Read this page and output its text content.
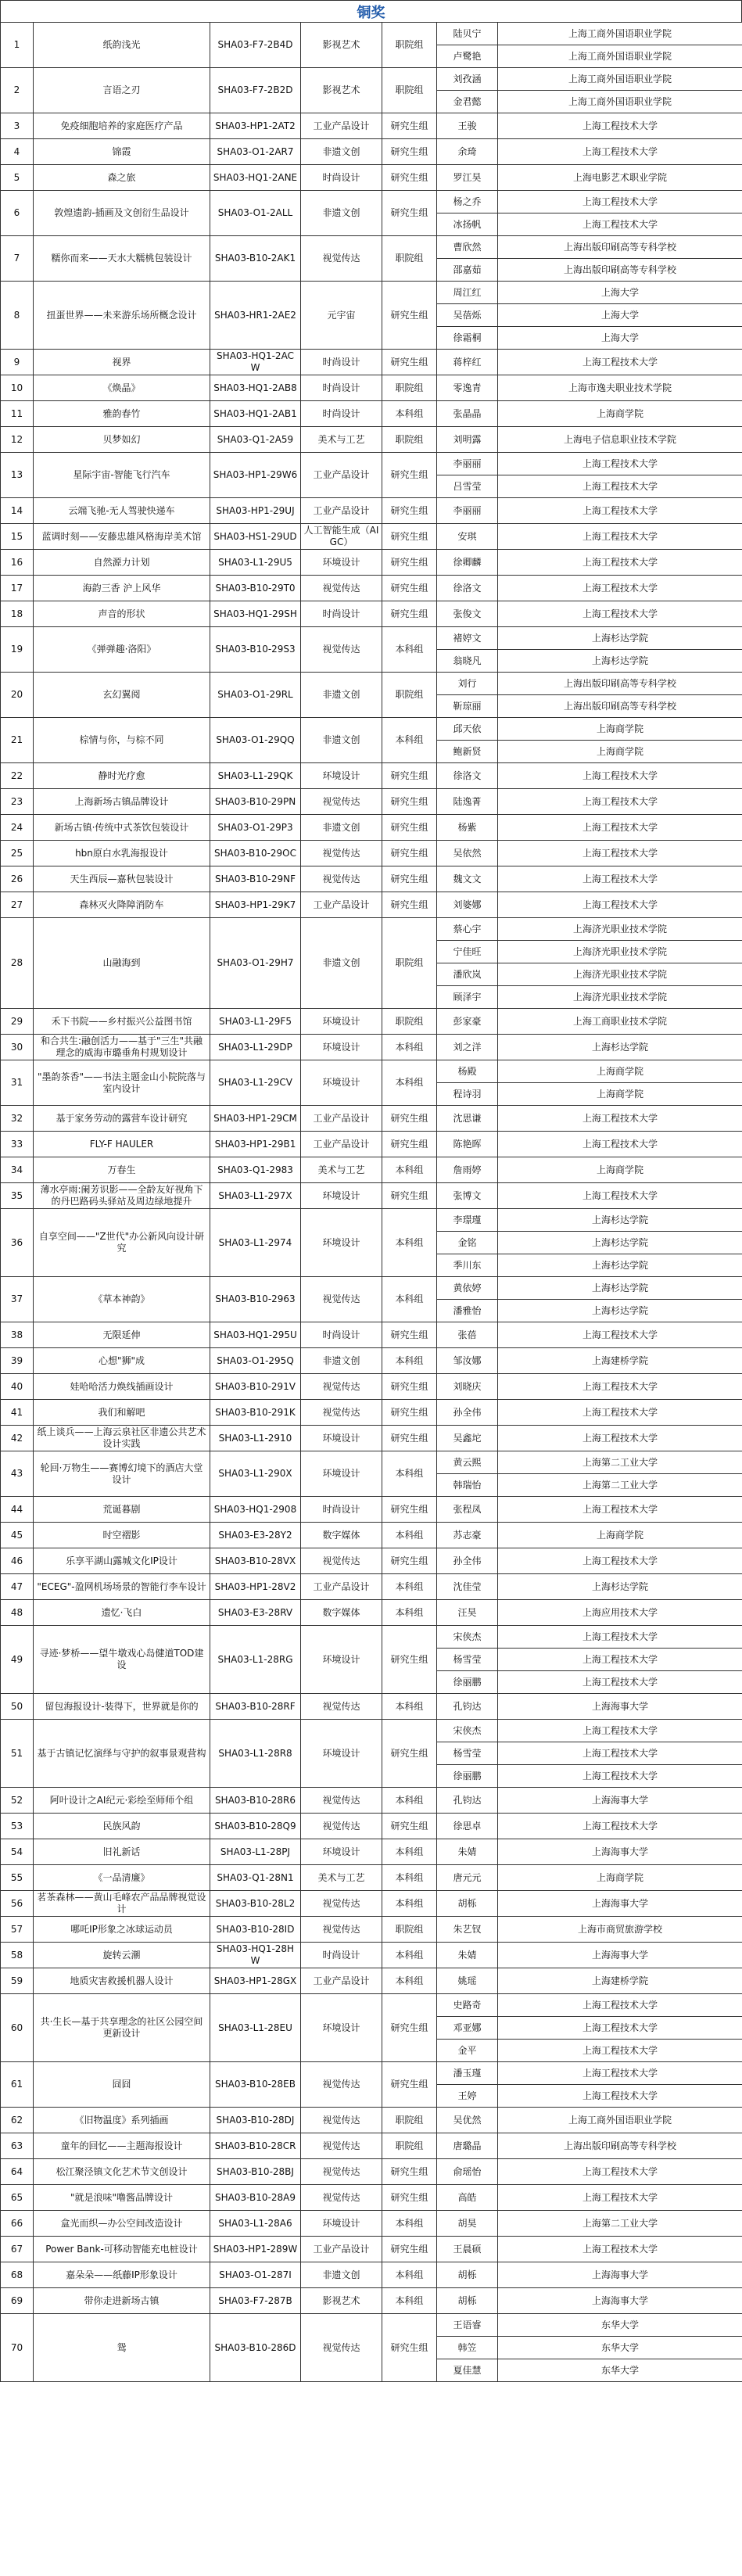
铜奖
1	纸韵浅光	SHA03-F7-2B4D	影视艺术	职院组	陆贝宁	上海工商外国语职业学院
					卢鹭艳	上海工商外国语职业学院
2	言语之刃	SHA03-F7-2B2D	影视艺术	职院组	刘孜涵	上海工商外国语职业学院
					金君懿	上海工商外国语职业学院
3	免疫细胞培养的家庭医疗产品	SHA03-HP1-2AT2	工业产品设计	研究生组	王骏	上海工程技术大学
4	锦霞	SHA03-O1-2AR7	非遗文创	研究生组	余琦	上海工程技术大学
5	森之旅	SHA03-HQ1-2ANE	时尚设计	研究生组	罗江昊	上海电影艺术职业学院
6	敦煌遗韵-插画及文创衍生品设计	SHA03-O1-2ALL	非遗文创	研究生组	杨之乔	上海工程技术大学
					冰扬帆	上海工程技术大学
7	糯你而来——天水大糯桃包装设计	SHA03-B10-2AK1	视觉传达	职院组	曹欣然	上海出版印刷高等专科学校
					邵嘉茹	上海出版印刷高等专科学校
8	扭蛋世界——未来游乐场所概念设计	SHA03-HR1-2AE2	元宇宙	研究生组	周江红	上海大学
					吴蓓烁	上海大学
					徐霜桐	上海大学
9	视界	SHA03-HQ1-2ACW	时尚设计	研究生组	蒋梓红	上海工程技术大学
10	《焕晶》	SHA03-HQ1-2AB8	时尚设计	职院组	零逸青	上海市逸夫职业技术学院
11	雅韵春竹	SHA03-HQ1-2AB1	时尚设计	本科组	张晶晶	上海商学院
12	贝梦如幻	SHA03-Q1-2A59	美术与工艺	职院组	刘明露	上海电子信息职业技术学院
13	星际宇宙-智能飞行汽车	SHA03-HP1-29W6	工业产品设计	研究生组	李丽丽	上海工程技术大学
					吕雪莹	上海工程技术大学
14	云端飞驰-无人驾驶快递车	SHA03-HP1-29UJ	工业产品设计	研究生组	李丽丽	上海工程技术大学
15	蓝调时刻——安藤忠雄风格海岸美术馆	SHA03-HS1-29UD	人工智能生成（AIGC）	研究生组	安琪	上海工程技术大学
16	自然源力计划	SHA03-L1-29U5	环境设计	研究生组	徐卿麟	上海工程技术大学
17	海韵三香 沪上风华	SHA03-B10-29T0	视觉传达	研究生组	徐洛文	上海工程技术大学
18	声音的形状	SHA03-HQ1-29SH	时尚设计	研究生组	张俊文	上海工程技术大学
19	《弹弹趣·洛阳》	SHA03-B10-29S3	视觉传达	本科组	褚婷文	上海杉达学院
					翁晓凡	上海杉达学院
20	玄幻翼阅	SHA03-O1-29RL	非遗文创	职院组	刘行	上海出版印刷高等专科学校
					靳琼丽	上海出版印刷高等专科学校
21	棕情与你，与棕不同	SHA03-O1-29QQ	非遗文创	本科组	邱天依	上海商学院
					鲍新贤	上海商学院
22	静时光疗愈	SHA03-L1-29QK	环境设计	研究生组	徐洛文	上海工程技术大学
23	上海新场古镇品牌设计	SHA03-B10-29PN	视觉传达	研究生组	陆逸菁	上海工程技术大学
24	新场古镇·传统中式茶饮包装设计	SHA03-O1-29P3	非遗文创	研究生组	杨紫	上海工程技术大学
25	hbn原白水乳海报设计	SHA03-B10-29OC	视觉传达	研究生组	吴依然	上海工程技术大学
26	天生西辰—嘉秋包装设计	SHA03-B10-29NF	视觉传达	研究生组	魏文文	上海工程技术大学
27	森林灭火降障消防车	SHA03-HP1-29K7	工业产品设计	研究生组	刘婆娜	上海工程技术大学
28	山融海到	SHA03-O1-29H7	非遗文创	职院组	蔡心宇	上海济光职业技术学院
					宁佳旺	上海济光职业技术学院
					潘欣岚	上海济光职业技术学院
					顾泽宇	上海济光职业技术学院
29	禾下书院——乡村振兴公益图书馆	SHA03-L1-29F5	环境设计	职院组	彭家豪	上海工商职业技术学院
30	和合共生:融创活力——基于"三生"共融理念的威海市璐垂角村规划设计	SHA03-L1-29DP	环境设计	本科组	刘之洋	上海杉达学院
31	"墨韵茶香"——书法主题金山小院院落与室内设计	SHA03-L1-29CV	环境设计	本科组	杨殿	上海商学院
					程诗羽	上海商学院
32	基于家务劳动的露营车设计研究	SHA03-HP1-29CM	工业产品设计	研究生组	沈思谦	上海工程技术大学
33	FLY-F HAULER	SHA03-HP1-29B1	工业产品设计	研究生组	陈艳晖	上海工程技术大学
34	万春生	SHA03-Q1-2983	美术与工艺	本科组	詹雨婷	上海商学院
35	薄水亭雨:阑芳识影——全龄友好视角下的丹巴路码头驿站及周边绿地提升	SHA03-L1-297X	环境设计	研究生组	张博文	上海工程技术大学
36	自享空间——"Z世代"办公新风向设计研究	SHA03-L1-2974	环境设计	本科组	李璟瑾	上海杉达学院
					金铭	上海杉达学院
					季川东	上海杉达学院
37	《草本神韵》	SHA03-B10-2963	视觉传达	本科组	黄依婷	上海杉达学院
					潘雅怡	上海杉达学院
38	无限延伸	SHA03-HQ1-295U	时尚设计	研究生组	张蓓	上海工程技术大学
39	心想"狮"成	SHA03-O1-295Q	非遗文创	本科组	邹汝娜	上海建桥学院
40	娃哈哈活力焕线插画设计	SHA03-B10-291V	视觉传达	研究生组	刘晓庆	上海工程技术大学
41	我们和解吧	SHA03-B10-291K	视觉传达	研究生组	孙全伟	上海工程技术大学
42	纸上谈兵——上海云泉社区非遗公共艺术设计实践	SHA03-L1-2910	环境设计	研究生组	吴鑫坨	上海工程技术大学
43	轮回·万物生——赛博幻境下的酒店大堂设计	SHA03-L1-290X	环境设计	本科组	黄云熙	上海第二工业大学
					韩瑞怡	上海第二工业大学
44	荒诞暮剧	SHA03-HQ1-2908	时尚设计	研究生组	张程凤	上海工程技术大学
45	时空褶影	SHA03-E3-28Y2	数字媒体	本科组	苏志豪	上海商学院
46	乐享平湖山露城文化IP设计	SHA03-B10-28VX	视觉传达	研究生组	孙全伟	上海工程技术大学
47	"ECEG"-盈网机场场景的智能行李车设计	SHA03-HP1-28V2	工业产品设计	本科组	沈佳莹	上海杉达学院
48	遗忆·飞白	SHA03-E3-28RV	数字媒体	本科组	汪昊	上海应用技术大学
49	寻迹·梦桥——望牛墩戏心岛健道TOD建设	SHA03-L1-28RG	环境设计	研究生组	宋侠杰	上海工程技术大学
					杨雪莹	上海工程技术大学
					徐丽鹏	上海工程技术大学
50	留包海报设计-装得下，世界就是你的	SHA03-B10-28RF	视觉传达	本科组	孔钧达	上海海事大学
51	基于古镇记忆演绎与守护的叙事景观营构	SHA03-L1-28R8	环境设计	研究生组	宋侠杰	上海工程技术大学
					杨雪莹	上海工程技术大学
					徐丽鹏	上海工程技术大学
52	阿叶设计之AI纪元·彩绘至师师个组	SHA03-B10-28R6	视觉传达	本科组	孔钧达	上海海事大学
53	民族风韵	SHA03-B10-28Q9	视觉传达	研究生组	徐思卓	上海工程技术大学
54	旧礼新话	SHA03-L1-28PJ	环境设计	本科组	朱婧	上海海事大学
55	《一品清廉》	SHA03-Q1-28N1	美术与工艺	本科组	唐元元	上海商学院
56	茗茶森林——黄山毛峰农产品品牌视觉设计	SHA03-B10-28L2	视觉传达	本科组	胡栎	上海海事大学
57	哪吒IP形象之冰球运动员	SHA03-B10-28ID	视觉传达	职院组	朱艺钗	上海市商贸旅游学校
58	旋转云潮	SHA03-HQ1-28HW	时尚设计	本科组	朱婧	上海海事大学
59	地质灾害救援机器人设计	SHA03-HP1-28GX	工业产品设计	本科组	姚瑶	上海建桥学院
60	共·生长—基于共享理念的社区公园空间更新设计	SHA03-L1-28EU	环境设计	研究生组	史路奇	上海工程技术大学
					邓亚娜	上海工程技术大学
					金平	上海工程技术大学
61	囧囧	SHA03-B10-28EB	视觉传达	研究生组	潘玉瑾	上海工程技术大学
					王婷	上海工程技术大学
62	《旧物温度》系列插画	SHA03-B10-28DJ	视觉传达	职院组	吴优然	上海工商外国语职业学院
63	童年的回忆——主题海报设计	SHA03-B10-28CR	视觉传达	职院组	唐璐晶	上海出版印刷高等专科学校
64	松江聚泾镇文化艺术节文创设计	SHA03-B10-28BJ	视觉传达	研究生组	俞瑶怡	上海工程技术大学
65	"就是浪味"噜酱品牌设计	SHA03-B10-28A9	视觉传达	研究生组	高皓	上海工程技术大学
66	盒光而织—办公空间改造设计	SHA03-L1-28A6	环境设计	本科组	胡昊	上海第二工业大学
67	Power Bank-可移动智能充电桩设计	SHA03-HP1-289W	工业产品设计	研究生组	王晨硕	上海工程技术大学
68	嘉朵朵——纸藤IP形象设计	SHA03-O1-287I	非遗文创	本科组	胡栎	上海海事大学
69	带你走进新场古镇	SHA03-F7-287B	影视艺术	本科组	胡栎	上海海事大学
70	鸳	SHA03-B10-286D	视觉传达	研究生组	王语睿	东华大学
					韩笠	东华大学
					夏佳慧	东华大学
